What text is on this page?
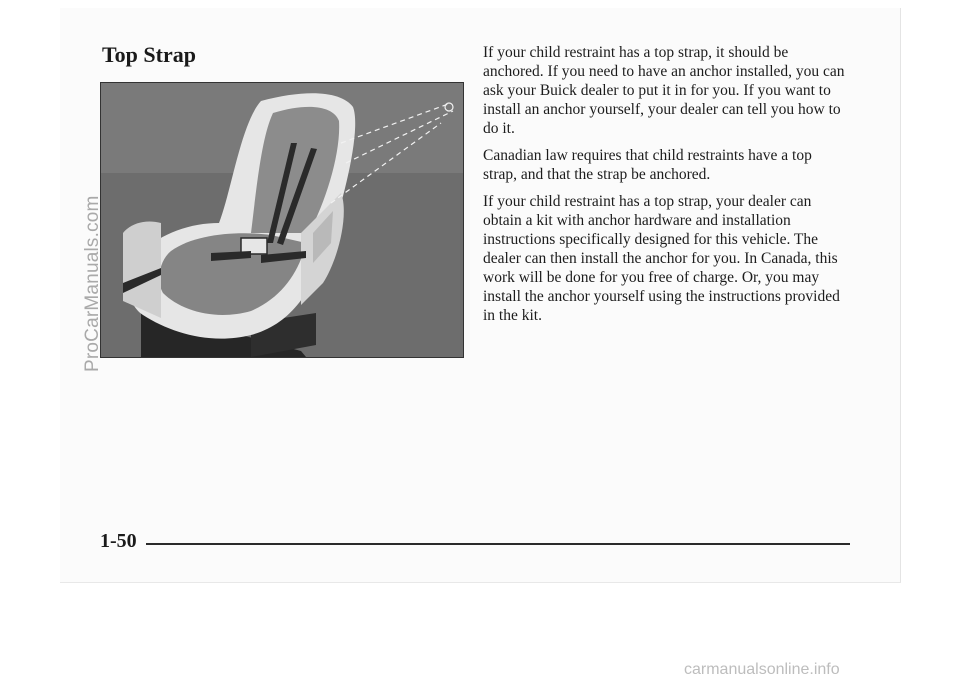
Top Strap
ProCarManuals.com

If your child restraint has a top strap, it should be anchored. If you need to have an anchor installed, you can ask your Buick dealer to put it in for you. If you want to install an anchor yourself, your dealer can tell you how to do it.

Canadian law requires that child restraints have a top strap, and that the strap be anchored.

If your child restraint has a top strap, your dealer can obtain a kit with anchor hardware and installation instructions specifically designed for this vehicle. The dealer can then install the anchor for you. In Canada, this work will be done for you free of charge. Or, you may install the anchor yourself using the instructions provided in the kit.

1-50
carmanualsonline.info
